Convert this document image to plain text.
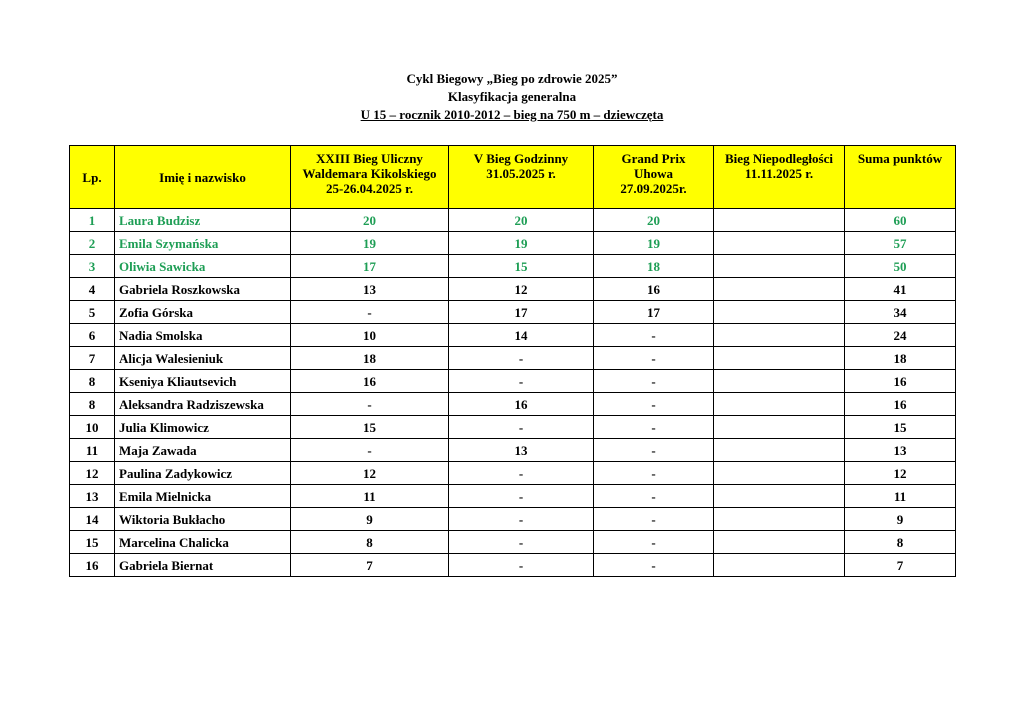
Cykl Biegowy „Bieg po zdrowie 2025”
Klasyfikacja generalna
U 15 – rocznik 2010-2012 – bieg na 750 m – dziewczęta
Lp.	Imię i nazwisko	XXIII Bieg Uliczny
Waldemara Kikolskiego
25-26.04.2025 r.	V Bieg Godzinny
31.05.2025 r.	Grand Prix
Uhowa
27.09.2025r.	Bieg Niepodległości
11.11.2025 r.	Suma punktów
1	Laura Budzisz	20	20	20		60
2	Emila Szymańska	19	19	19		57
3	Oliwia Sawicka	17	15	18		50
4	Gabriela Roszkowska	13	12	16		41
5	Zofia Górska	-	17	17		34
6	Nadia Smolska	10	14	-		24
7	Alicja Walesieniuk	18	-	-		18
8	Kseniya Kliautsevich	16	-	-		16
8	Aleksandra Radziszewska	-	16	-		16
10	Julia Klimowicz	15	-	-		15
11	Maja Zawada	-	13	-		13
12	Paulina Zadykowicz	12	-	-		12
13	Emila Mielnicka	11	-	-		11
14	Wiktoria Bukłacho	9	-	-		9
15	Marcelina Chalicka	8	-	-		8
16	Gabriela Biernat	7	-	-		7
